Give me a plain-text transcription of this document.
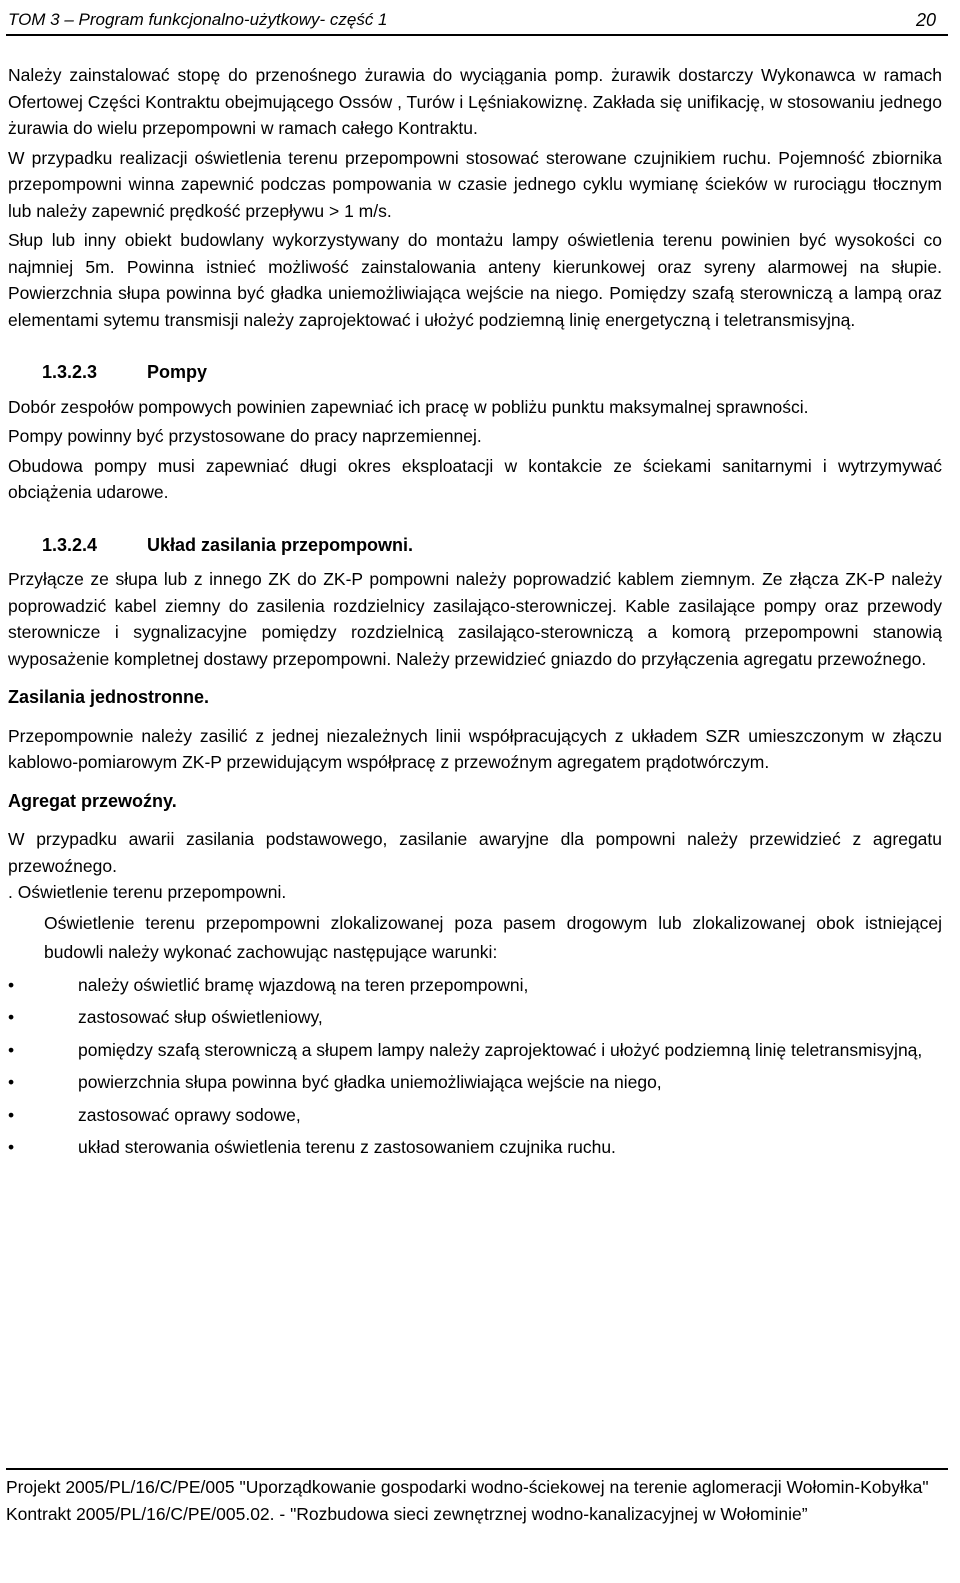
TOM 3 – Program funkcjonalno-użytkowy- część 1	20

Należy zainstalować stopę do przenośnego żurawia do wyciągania pomp. żurawik dostarczy Wykonawca w ramach Ofertowej Części Kontraktu obejmującego Ossów , Turów i Lęśniakowiznę. Zakłada się unifikację, w stosowaniu jednego żurawia do wielu przepompowni w ramach całego Kontraktu.

W przypadku realizacji oświetlenia terenu przepompowni stosować sterowane czujnikiem ruchu. Pojemność zbiornika przepompowni winna zapewnić podczas pompowania w czasie jednego cyklu wymianę ścieków w rurociągu tłocznym lub należy zapewnić prędkość przepływu > 1 m/s.

Słup lub inny obiekt budowlany wykorzystywany do montażu lampy oświetlenia terenu powinien być wysokości co najmniej 5m. Powinna istnieć możliwość zainstalowania anteny kierunkowej oraz syreny alarmowej na słupie. Powierzchnia słupa powinna być gładka uniemożliwiająca wejście na niego. Pomiędzy szafą sterowniczą a lampą oraz elementami sytemu transmisji należy zaprojektować i ułożyć podziemną linię energetyczną i teletransmisyjną.

1.3.2.3	Pompy

Dobór zespołów pompowych powinien zapewniać ich pracę w pobliżu punktu maksymalnej sprawności.

Pompy powinny być przystosowane do pracy naprzemiennej.

Obudowa pompy musi zapewniać długi okres eksploatacji w kontakcie ze ściekami sanitarnymi i wytrzymywać obciążenia udarowe.

1.3.2.4	Układ zasilania przepompowni.

Przyłącze ze słupa lub z innego ZK do ZK-P pompowni należy poprowadzić kablem ziemnym. Ze złącza ZK-P należy poprowadzić kabel ziemny do zasilenia rozdzielnicy zasilająco-sterowniczej. Kable zasilające pompy oraz przewody sterownicze i sygnalizacyjne pomiędzy rozdzielnicą zasilająco-sterowniczą a komorą przepompowni stanowią wyposażenie kompletnej dostawy przepompowni. Należy przewidzieć gniazdo do przyłączenia agregatu przewoźnego.

Zasilania jednostronne.

Przepompownie należy zasilić z jednej niezależnych linii współpracujących z układem SZR umieszczonym w złączu kablowo-pomiarowym ZK-P przewidującym współpracę z przewoźnym agregatem prądotwórczym.

Agregat przewoźny.

W przypadku awarii zasilania podstawowego, zasilanie awaryjne dla pompowni należy przewidzieć z agregatu przewoźnego.

. Oświetlenie terenu przepompowni.

Oświetlenie terenu przepompowni zlokalizowanej poza pasem drogowym lub zlokalizowanej obok istniejącej budowli należy wykonać zachowując następujące warunki:

•	należy oświetlić bramę wjazdową na teren przepompowni,
•	zastosować słup oświetleniowy,
•	pomiędzy szafą sterowniczą a słupem lampy należy zaprojektować i ułożyć podziemną linię teletransmisyjną,
•	powierzchnia słupa powinna być gładka uniemożliwiająca wejście na niego,
•	zastosować oprawy sodowe,
•	układ sterowania oświetlenia terenu z zastosowaniem czujnika ruchu.

Projekt 2005/PL/16/C/PE/005 "Uporządkowanie gospodarki wodno-ściekowej na terenie aglomeracji Wołomin-Kobyłka"

Kontrakt 2005/PL/16/C/PE/005.02. - "Rozbudowa sieci zewnętrznej wodno-kanalizacyjnej w Wołominie”
